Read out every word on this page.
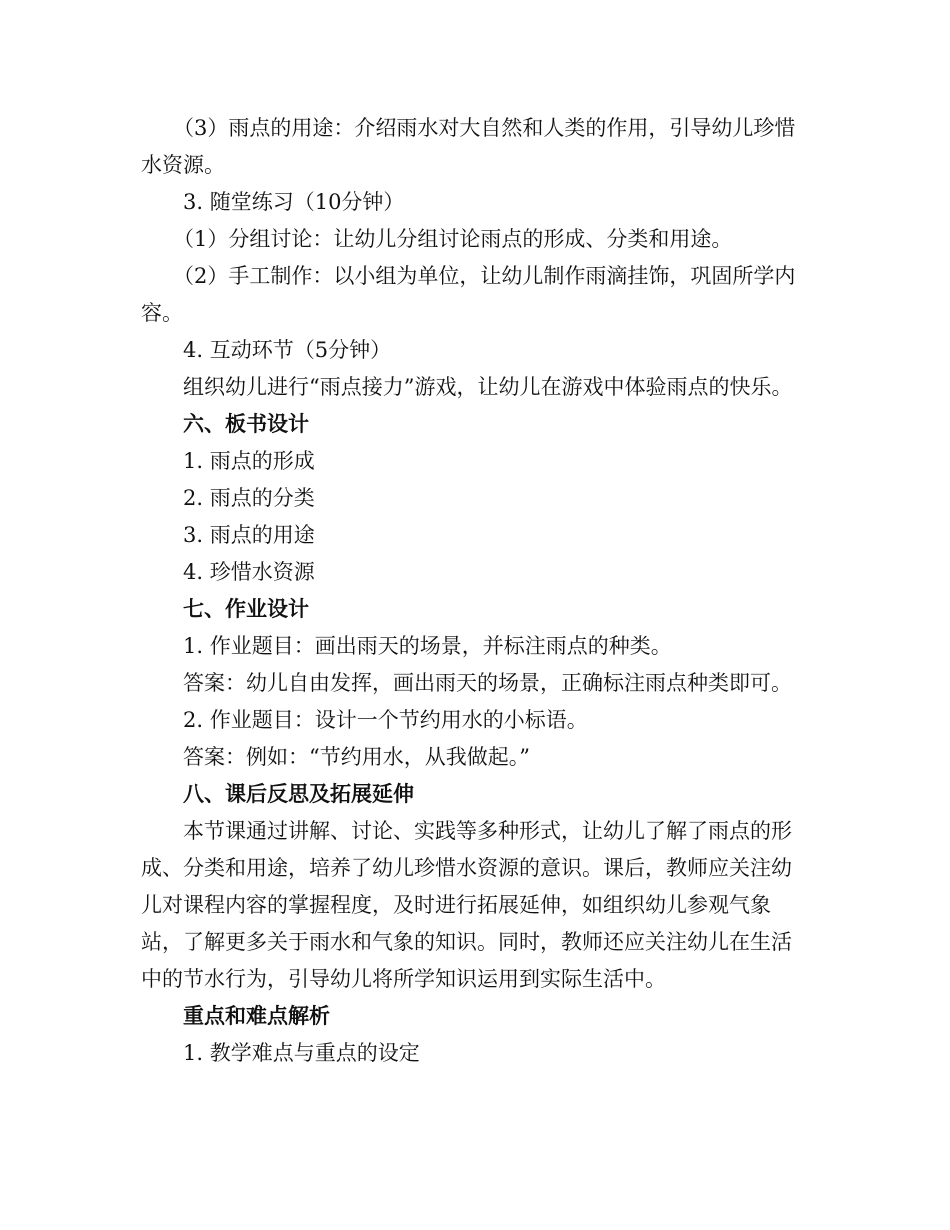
（3）雨点的用途：介绍雨水对大自然和人类的作用，引导幼儿珍惜水资源。

3. 随堂练习（10分钟）

（1）分组讨论：让幼儿分组讨论雨点的形成、分类和用途。

（2）手工制作：以小组为单位，让幼儿制作雨滴挂饰，巩固所学内容。

4. 互动环节（5分钟）

组织幼儿进行“雨点接力”游戏，让幼儿在游戏中体验雨点的快乐。

六、板书设计

1. 雨点的形成

2. 雨点的分类

3. 雨点的用途

4. 珍惜水资源

七、作业设计

1. 作业题目：画出雨天的场景，并标注雨点的种类。

答案：幼儿自由发挥，画出雨天的场景，正确标注雨点种类即可。

2. 作业题目：设计一个节约用水的小标语。

答案：例如：“节约用水，从我做起。”

八、课后反思及拓展延伸

本节课通过讲解、讨论、实践等多种形式，让幼儿了解了雨点的形成、分类和用途，培养了幼儿珍惜水资源的意识。课后，教师应关注幼儿对课程内容的掌握程度，及时进行拓展延伸，如组织幼儿参观气象站，了解更多关于雨水和气象的知识。同时，教师还应关注幼儿在生活中的节水行为，引导幼儿将所学知识运用到实际生活中。

重点和难点解析

1. 教学难点与重点的设定
